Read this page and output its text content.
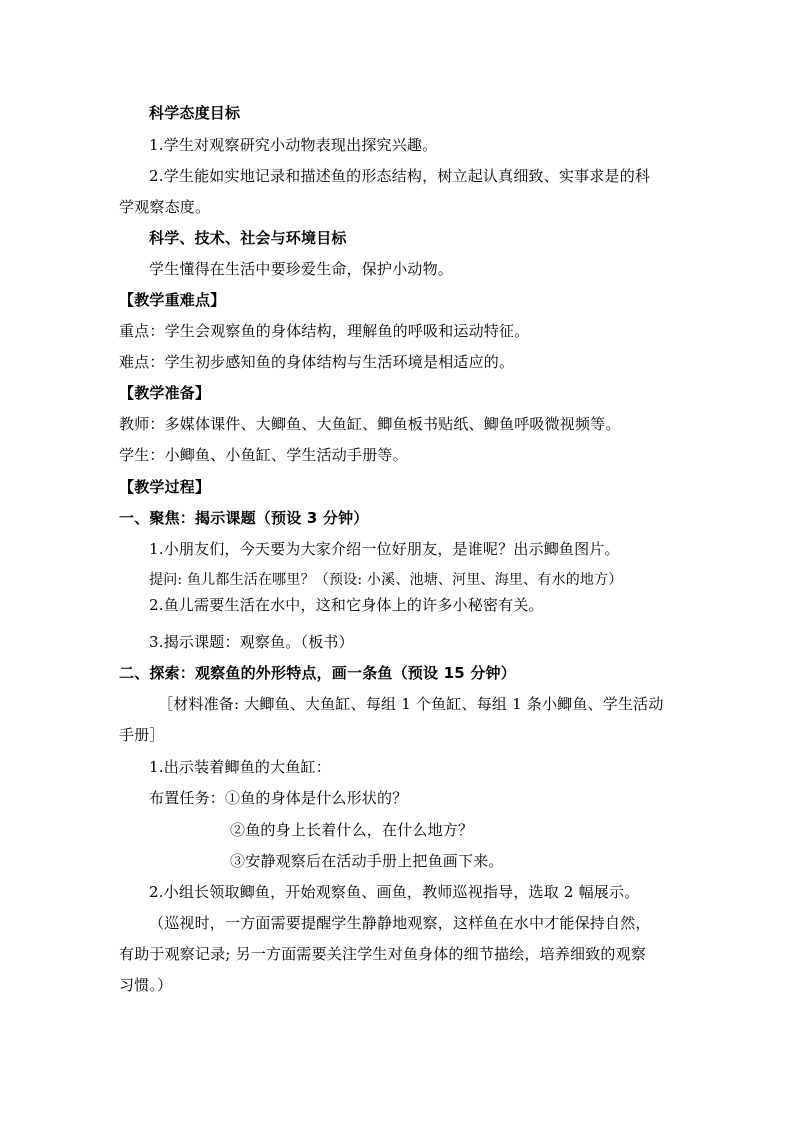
科学态度目标
1.学生对观察研究小动物表现出探究兴趣。
2.学生能如实地记录和描述鱼的形态结构，树立起认真细致、实事求是的科
学观察态度。
科学、技术、社会与环境目标
学生懂得在生活中要珍爱生命，保护小动物。
【教学重难点】
重点：学生会观察鱼的身体结构，理解鱼的呼吸和运动特征。
难点：学生初步感知鱼的身体结构与生活环境是相适应的。
【教学准备】
教师：多媒体课件、大鲫鱼、大鱼缸、鲫鱼板书贴纸、鲫鱼呼吸微视频等。
学生：小鲫鱼、小鱼缸、学生活动手册等。
【教学过程】
一、聚焦：揭示课题（预设 3 分钟）
1.小朋友们，今天要为大家介绍一位好朋友，是谁呢？出示鲫鱼图片。
提问: 鱼儿都生活在哪里？（预设: 小溪、池塘、河里、海里、有水的地方）
2.鱼儿需要生活在水中，这和它身体上的许多小秘密有关。
3.揭示课题：观察鱼。（板书）
二、探索：观察鱼的外形特点，画一条鱼（预设 15 分钟）
［材料准备: 大鲫鱼、大鱼缸、每组 1 个鱼缸、每组 1 条小鲫鱼、学生活动
手册］
1.出示装着鲫鱼的大鱼缸：
布置任务：①鱼的身体是什么形状的？
②鱼的身上长着什么，在什么地方？
③安静观察后在活动手册上把鱼画下来。
2.小组长领取鲫鱼，开始观察鱼、画鱼，教师巡视指导，选取 2 幅展示。
（巡视时，一方面需要提醒学生静静地观察，这样鱼在水中才能保持自然，
有助于观察记录; 另一方面需要关注学生对鱼身体的细节描绘，培养细致的观察
习惯。）
